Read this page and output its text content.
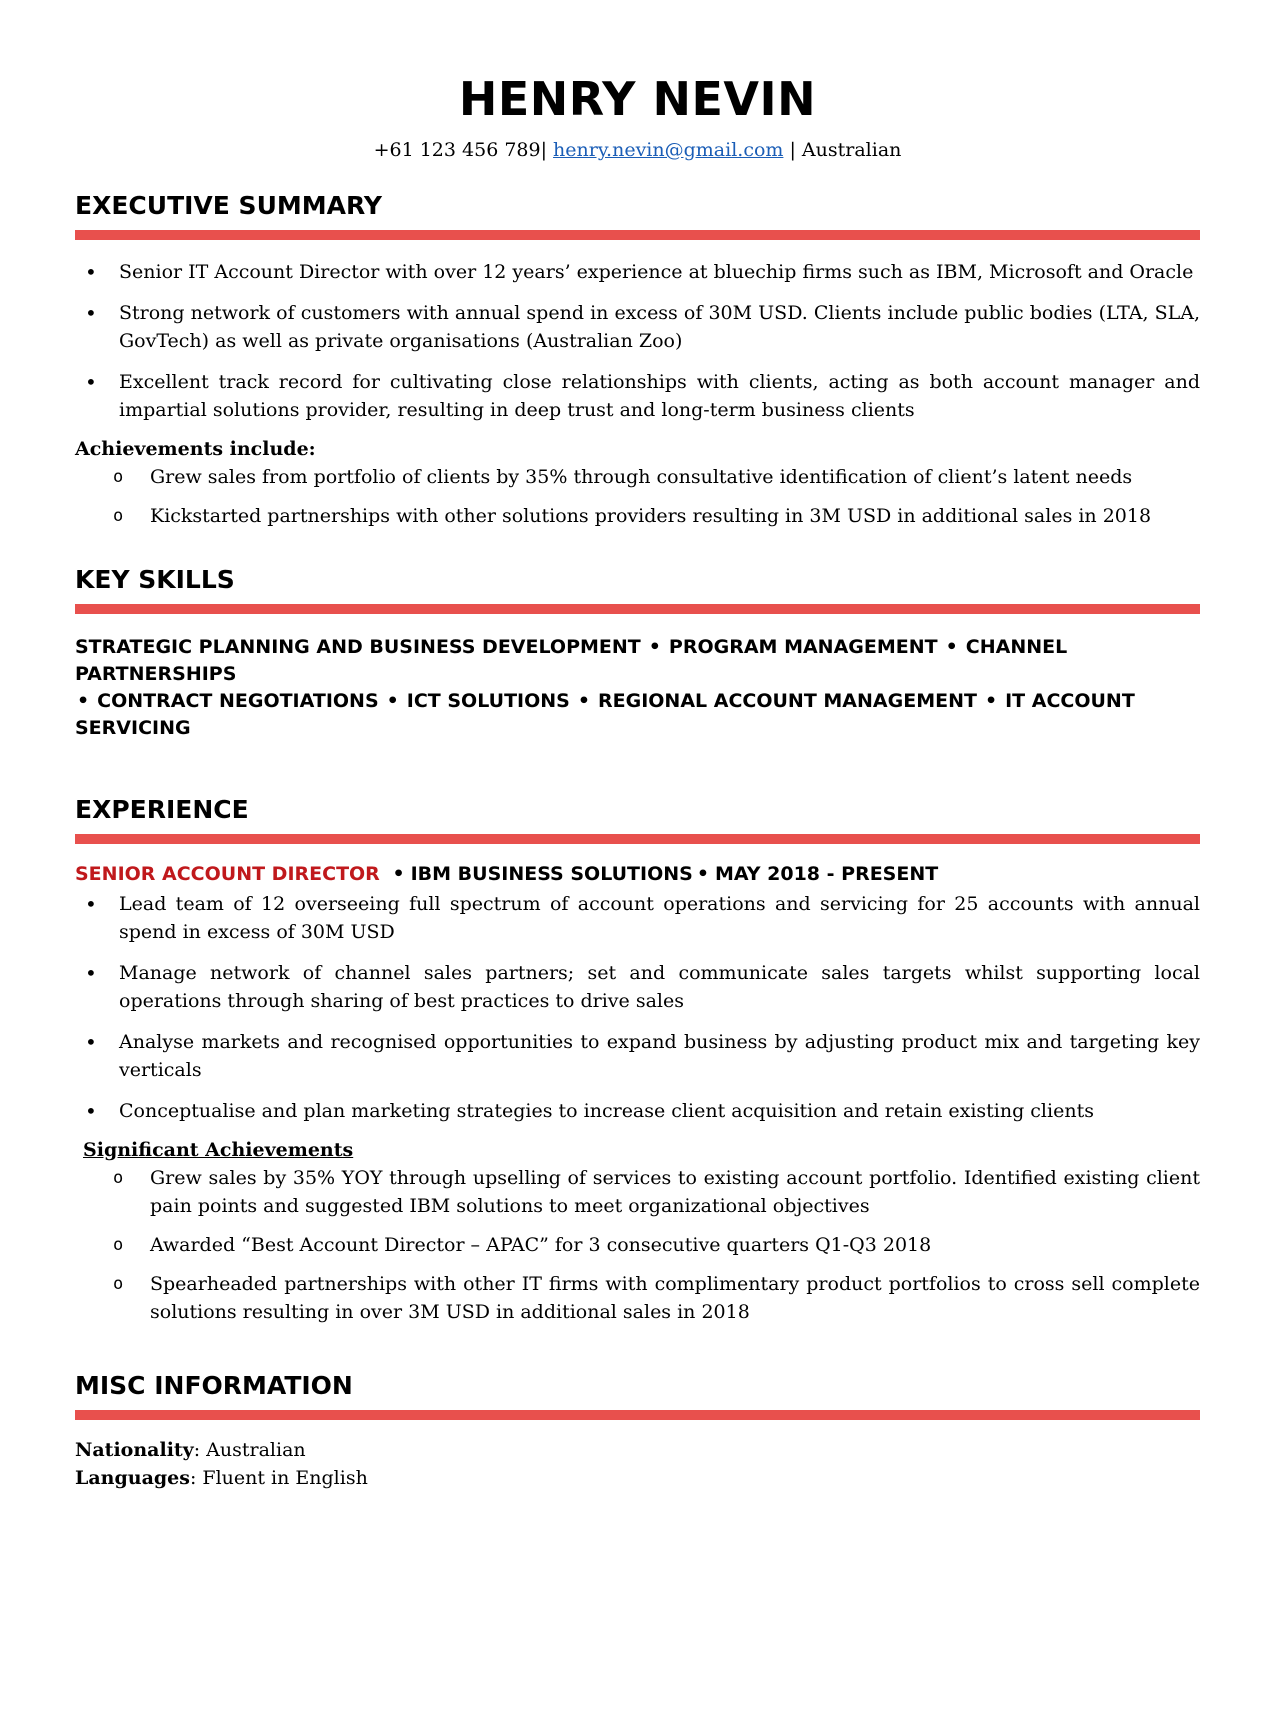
HENRY NEVIN
+61 123 456 789| henry.nevin@gmail.com | Australian
EXECUTIVE SUMMARY
• Senior IT Account Director with over 12 years’ experience at bluechip firms such as IBM, Microsoft and Oracle
• Strong network of customers with annual spend in excess of 30M USD. Clients include public bodies (LTA, SLA, GovTech) as well as private organisations (Australian Zoo)
• Excellent track record for cultivating close relationships with clients, acting as both account manager and impartial solutions provider, resulting in deep trust and long-term business clients
Achievements include:
o Grew sales from portfolio of clients by 35% through consultative identification of client’s latent needs
o Kickstarted partnerships with other solutions providers resulting in 3M USD in additional sales in 2018
KEY SKILLS
STRATEGIC PLANNING AND BUSINESS DEVELOPMENT • PROGRAM MANAGEMENT • CHANNEL PARTNERSHIPS
• CONTRACT NEGOTIATIONS • ICT SOLUTIONS • REGIONAL ACCOUNT MANAGEMENT • IT ACCOUNT SERVICING
EXPERIENCE
SENIOR ACCOUNT DIRECTOR • IBM BUSINESS SOLUTIONS • MAY 2018 - PRESENT
• Lead team of 12 overseeing full spectrum of account operations and servicing for 25 accounts with annual spend in excess of 30M USD
• Manage network of channel sales partners; set and communicate sales targets whilst supporting local operations through sharing of best practices to drive sales
• Analyse markets and recognised opportunities to expand business by adjusting product mix and targeting key verticals
• Conceptualise and plan marketing strategies to increase client acquisition and retain existing clients
Significant Achievements
o Grew sales by 35% YOY through upselling of services to existing account portfolio. Identified existing client pain points and suggested IBM solutions to meet organizational objectives
o Awarded “Best Account Director – APAC” for 3 consecutive quarters Q1-Q3 2018
o Spearheaded partnerships with other IT firms with complimentary product portfolios to cross sell complete solutions resulting in over 3M USD in additional sales in 2018
MISC INFORMATION
Nationality: Australian
Languages: Fluent in English
